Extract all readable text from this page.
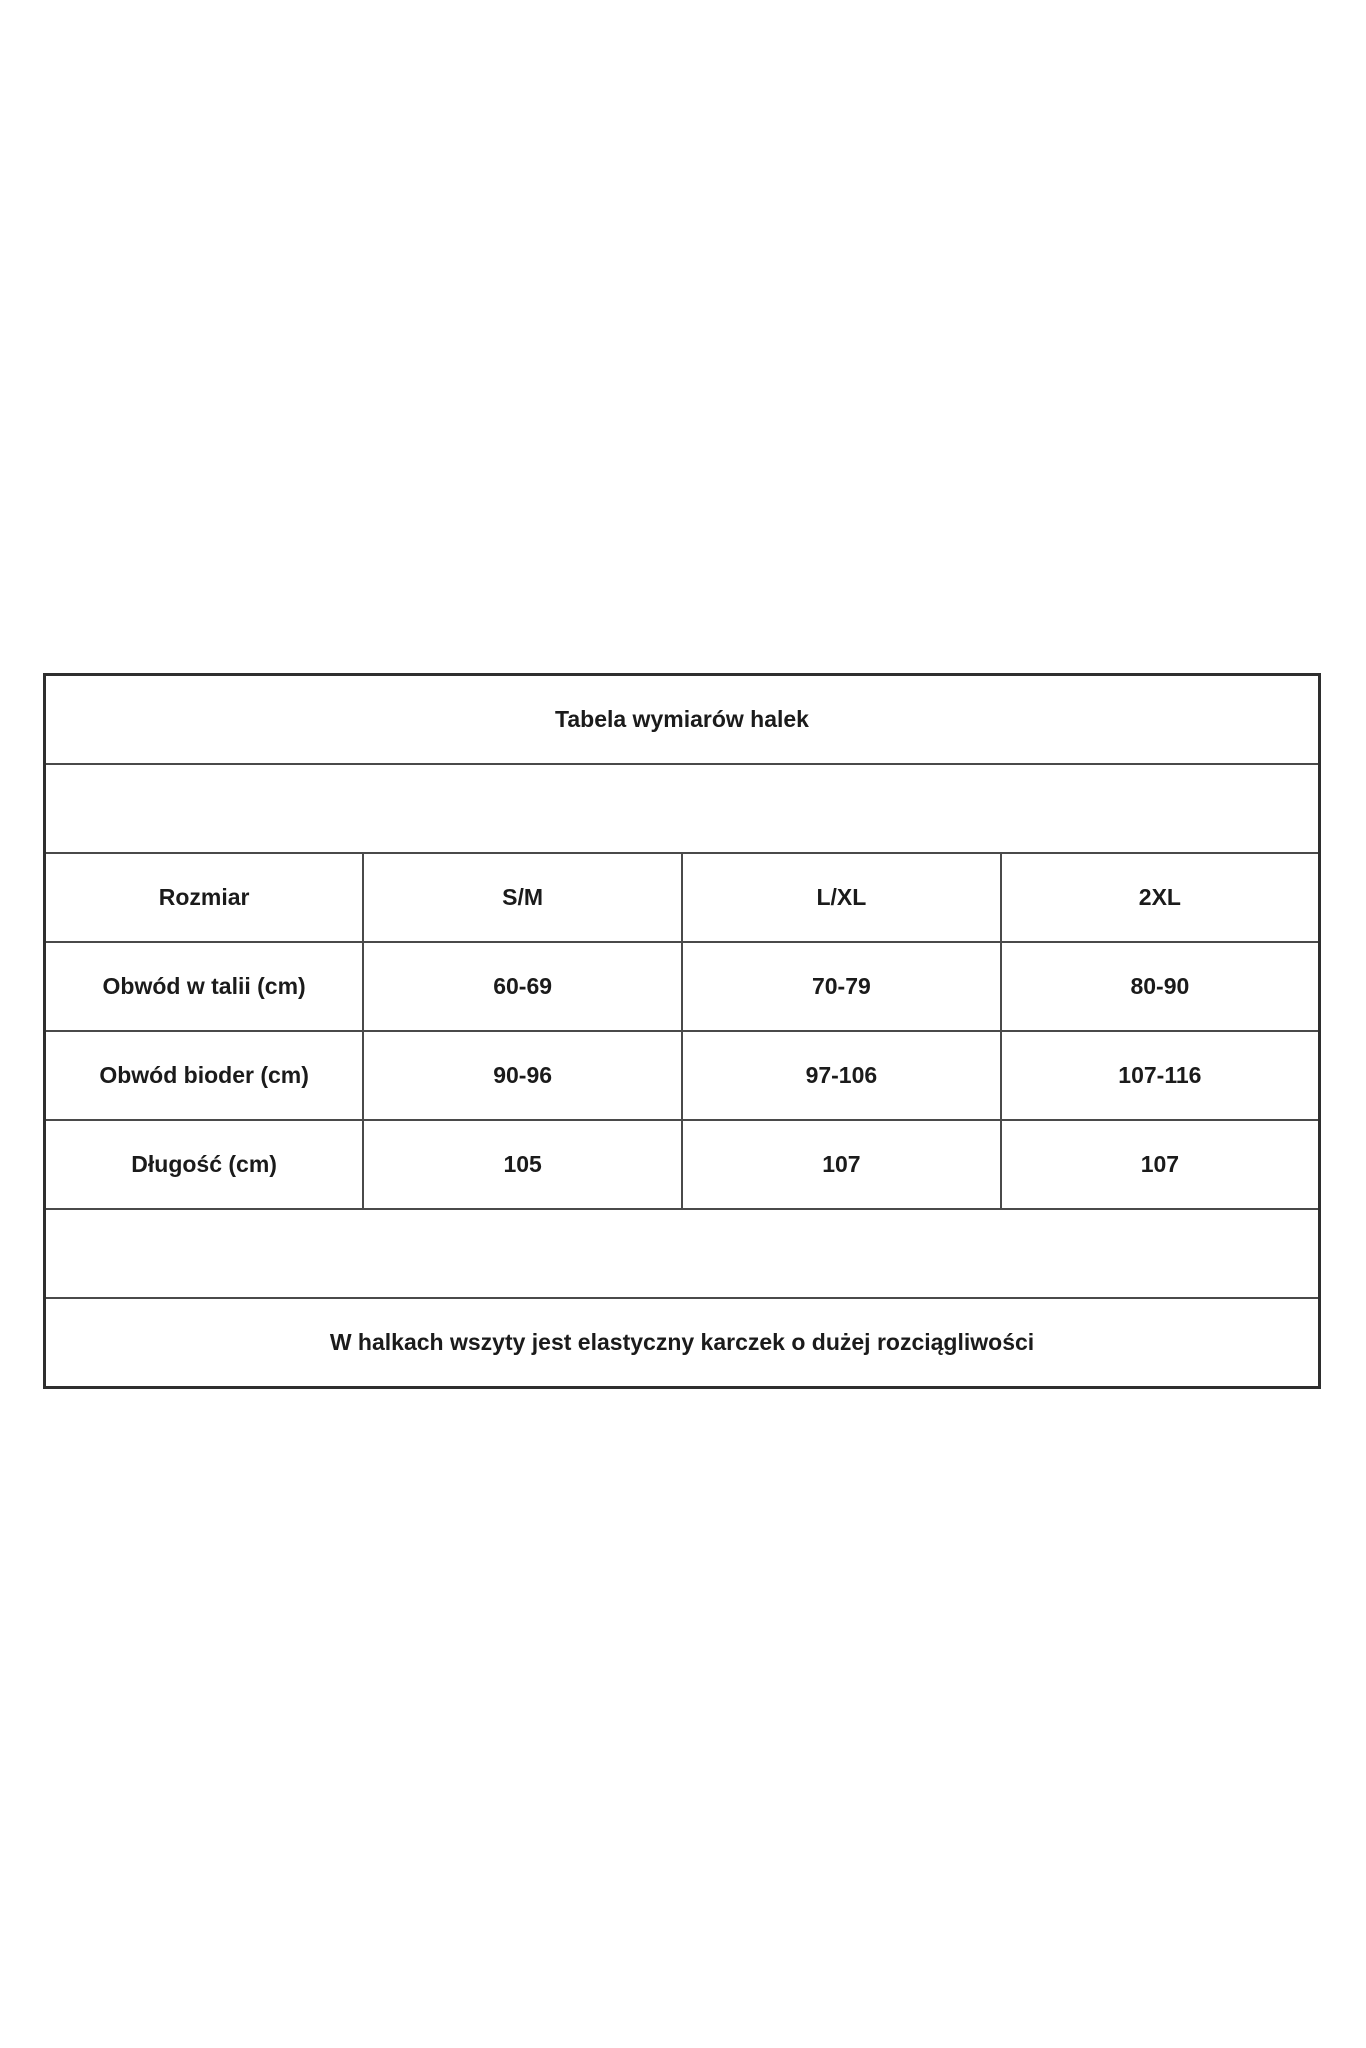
Tabela wymiarów halek			

Rozmiar	S/M	L/XL	2XL
Obwód w talii (cm)	60-69	70-79	80-90
Obwód bioder (cm)	90-96	97-106	107-116
Długość (cm)	105	107	107

W halkach wszyty jest elastyczny karczek o dużej rozciągliwości			
